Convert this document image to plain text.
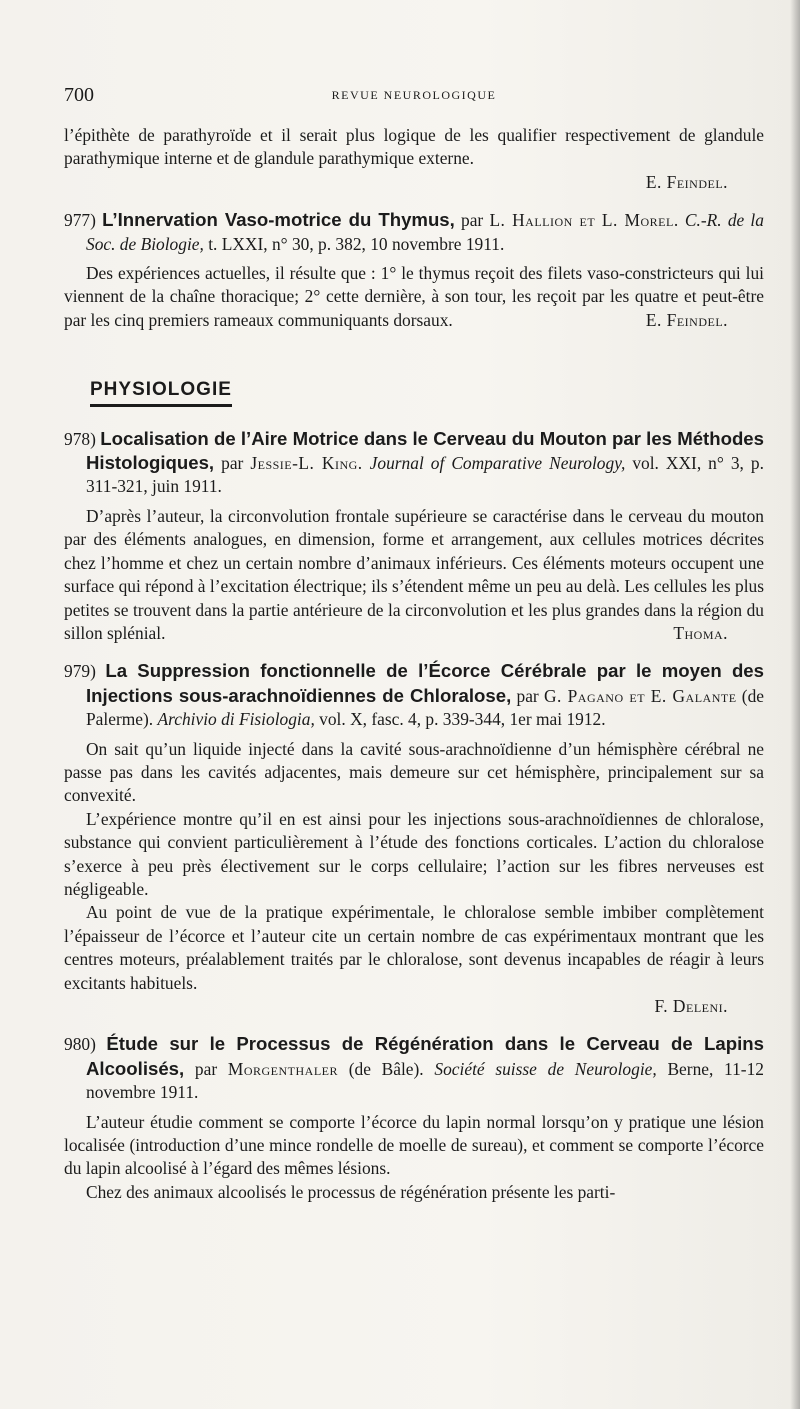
700	REVUE NEUROLOGIQUE

l’épithète de parathyroïde et il serait plus logique de les qualifier respectivement de glandule parathymique interne et de glandule parathymique externe.

E. Feindel.

977) L’Innervation Vaso-motrice du Thymus, par L. Hallion et L. Morel. C.-R. de la Soc. de Biologie, t. LXXI, n° 30, p. 382, 10 novembre 1911.

Des expériences actuelles, il résulte que : 1° le thymus reçoit des filets vaso-constricteurs qui lui viennent de la chaîne thoracique; 2° cette dernière, à son tour, les reçoit par les quatre et peut-être par les cinq premiers rameaux communiquants dorsaux.	E. Feindel.

PHYSIOLOGIE

978) Localisation de l’Aire Motrice dans le Cerveau du Mouton par les Méthodes Histologiques, par Jessie-L. King. Journal of Comparative Neurology, vol. XXI, n° 3, p. 311-321, juin 1911.

D’après l’auteur, la circonvolution frontale supérieure se caractérise dans le cerveau du mouton par des éléments analogues, en dimension, forme et arrangement, aux cellules motrices décrites chez l’homme et chez un certain nombre d’animaux inférieurs. Ces éléments moteurs occupent une surface qui répond à l’excitation électrique; ils s’étendent même un peu au delà. Les cellules les plus petites se trouvent dans la partie antérieure de la circonvolution et les plus grandes dans la région du sillon splénial.	Thoma.

979) La Suppression fonctionnelle de l’Écorce Cérébrale par le moyen des Injections sous-arachnoïdiennes de Chloralose, par G. Pagano et E. Galante (de Palerme). Archivio di Fisiologia, vol. X, fasc. 4, p. 339-344, 1er mai 1912.

On sait qu’un liquide injecté dans la cavité sous-arachnoïdienne d’un hémisphère cérébral ne passe pas dans les cavités adjacentes, mais demeure sur cet hémisphère, principalement sur sa convexité.

L’expérience montre qu’il en est ainsi pour les injections sous-arachnoïdiennes de chloralose, substance qui convient particulièrement à l’étude des fonctions corticales. L’action du chloralose s’exerce à peu près électivement sur le corps cellulaire; l’action sur les fibres nerveuses est négligeable.

Au point de vue de la pratique expérimentale, le chloralose semble imbiber complètement l’épaisseur de l’écorce et l’auteur cite un certain nombre de cas expérimentaux montrant que les centres moteurs, préalablement traités par le chloralose, sont devenus incapables de réagir à leurs excitants habituels.

F. Deleni.

980) Étude sur le Processus de Régénération dans le Cerveau de Lapins Alcoolisés, par Morgenthaler (de Bâle). Société suisse de Neurologie, Berne, 11-12 novembre 1911.

L’auteur étudie comment se comporte l’écorce du lapin normal lorsqu’on y pratique une lésion localisée (introduction d’une mince rondelle de moelle de sureau), et comment se comporte l’écorce du lapin alcoolisé à l’égard des mêmes lésions.

Chez des animaux alcoolisés le processus de régénération présente les parti-
